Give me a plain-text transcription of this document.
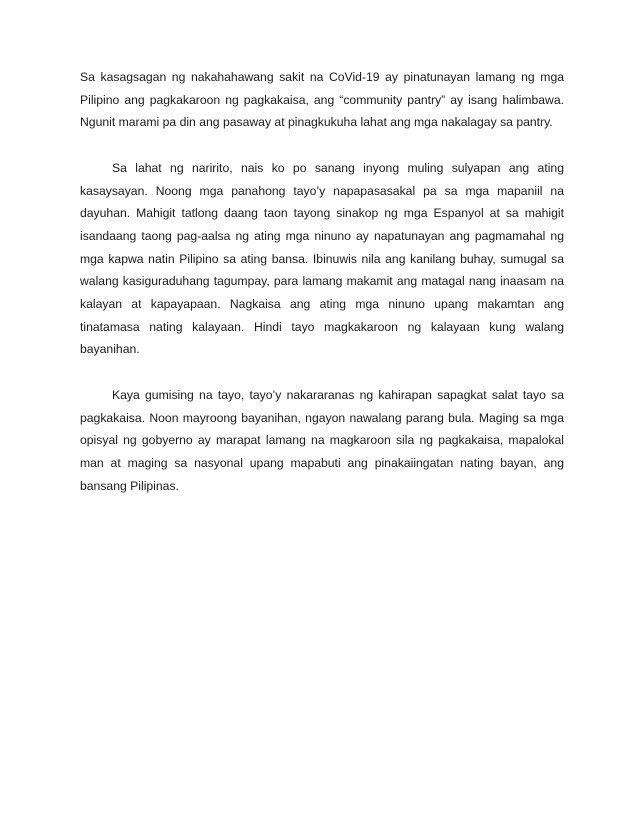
Sa kasagsagan ng nakahahawang sakit na CoVid-19 ay pinatunayan lamang ng mga Pilipino ang pagkakaroon ng pagkakaisa, ang “community pantry” ay isang halimbawa. Ngunit marami pa din ang pasaway at pinagkukuha lahat ang mga nakalagay sa pantry.

Sa lahat ng naririto, nais ko po sanang inyong muling sulyapan ang ating kasaysayan. Noong mga panahong tayo’y napapasasakal pa sa mga mapaniil na dayuhan. Mahigit tatlong daang taon tayong sinakop ng mga Espanyol at sa mahigit isandaang taong pag-aalsa ng ating mga ninuno ay napatunayan ang pagmamahal ng mga kapwa natin Pilipino sa ating bansa. Ibinuwis nila ang kanilang buhay, sumugal sa walang kasiguraduhang tagumpay, para lamang makamit ang matagal nang inaasam na kalayan at kapayapaan. Nagkaisa ang ating mga ninuno upang makamtan ang tinatamasa nating kalayaan. Hindi tayo magkakaroon ng kalayaan kung walang bayanihan.

Kaya gumising na tayo, tayo’y nakararanas ng kahirapan sapagkat salat tayo sa pagkakaisa. Noon mayroong bayanihan, ngayon nawalang parang bula. Maging sa mga opisyal ng gobyerno ay marapat lamang na magkaroon sila ng pagkakaisa, mapalokal man at maging sa nasyonal upang mapabuti ang pinakaiingatan nating bayan, ang bansang Pilipinas.
